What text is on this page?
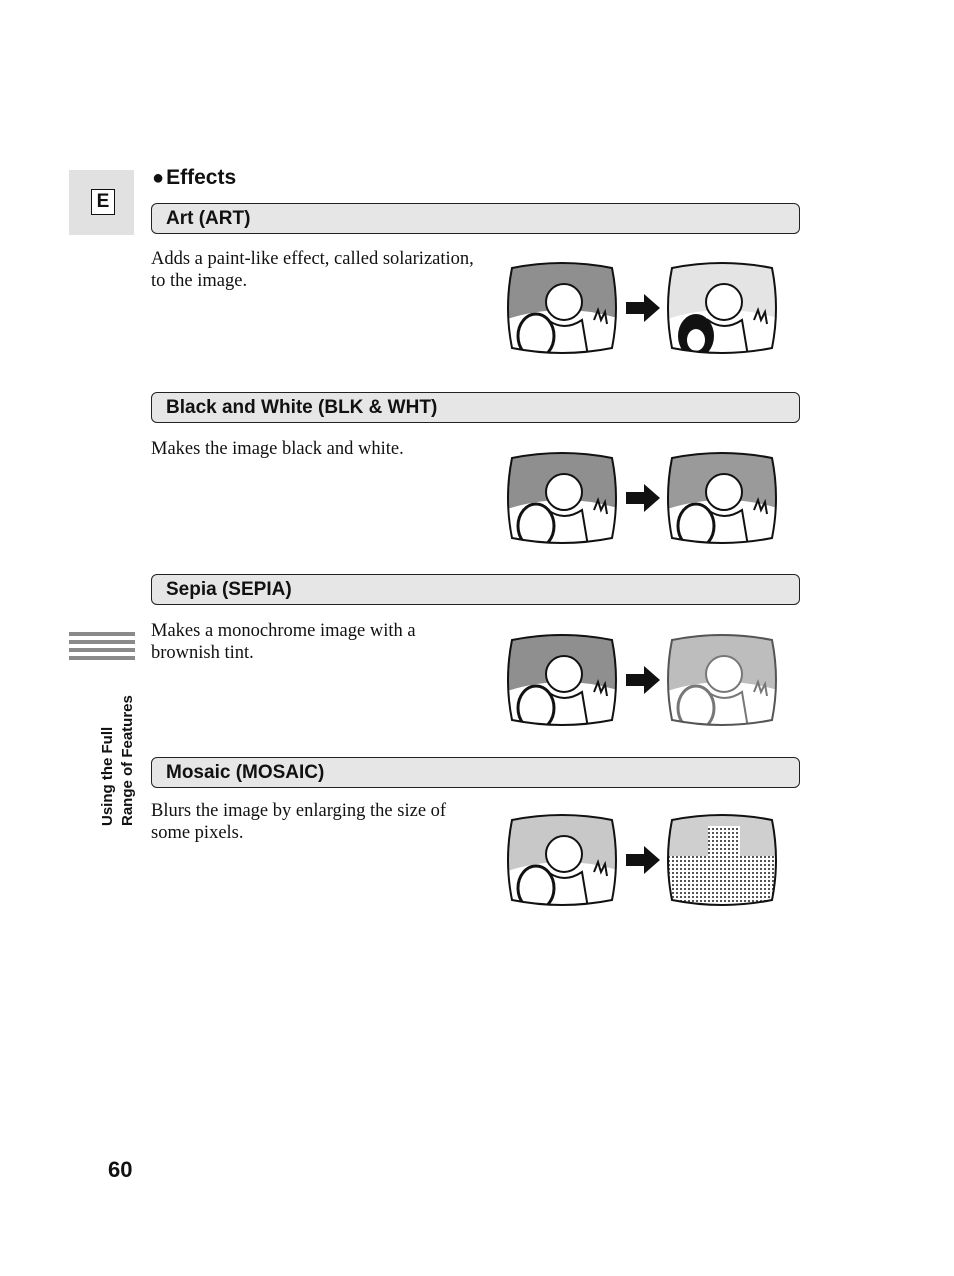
E
Using the Full Range of Features
●Effects
Art (ART)
Adds a paint-like effect, called solarization, to the image.
Black and White (BLK & WHT)
Makes the image black and white.
Sepia (SEPIA)
Makes a monochrome image with a brownish tint.
Mosaic (MOSAIC)
Blurs the image by enlarging the size of some pixels.
60
